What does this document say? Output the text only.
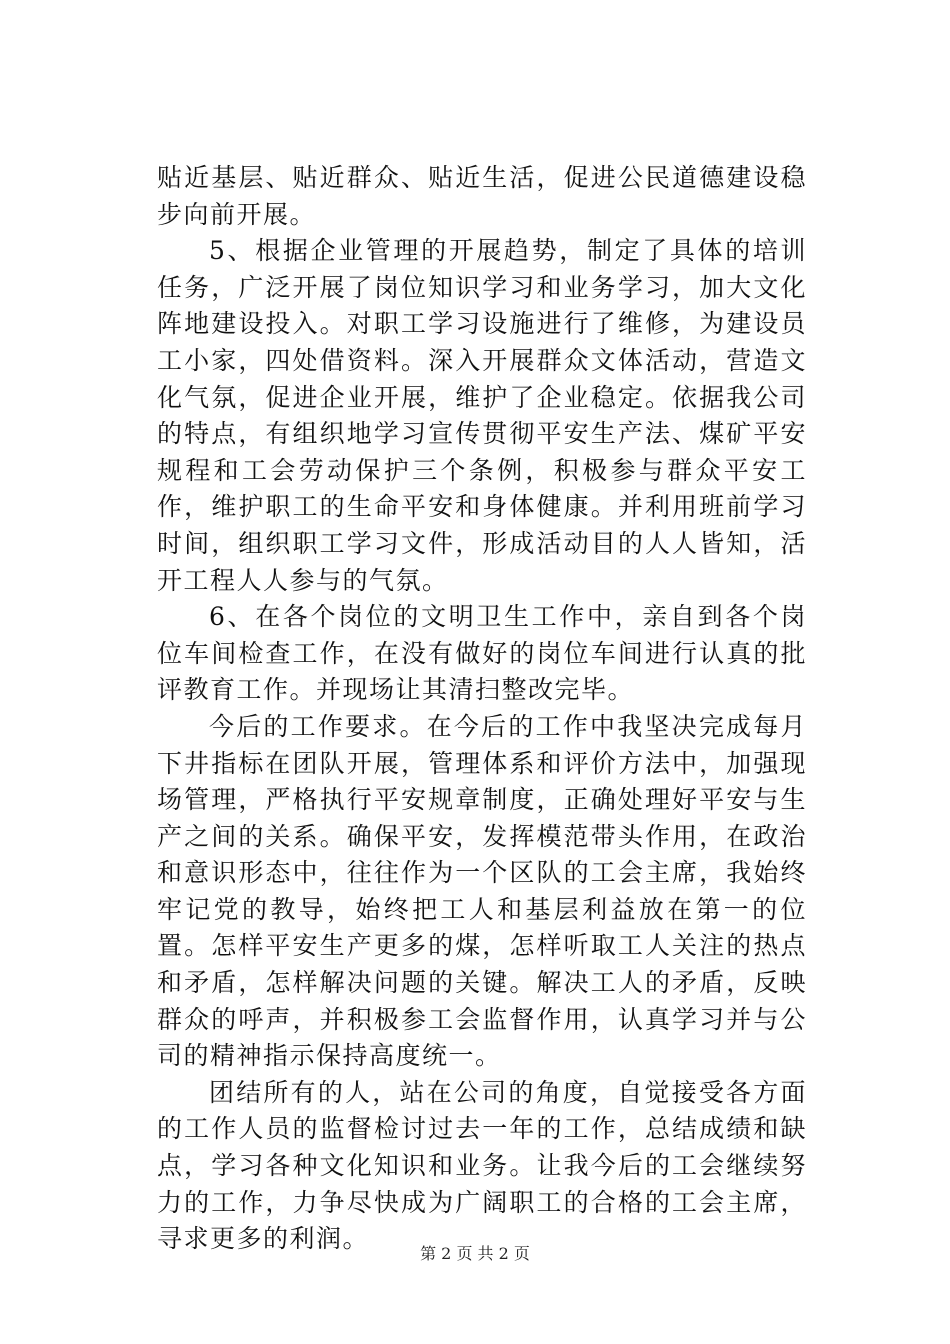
贴近基层、贴近群众、贴近生活，促进公民道德建设稳步向前开展。

5、根据企业管理的开展趋势，制定了具体的培训任务，广泛开展了岗位知识学习和业务学习，加大文化阵地建设投入。对职工学习设施进行了维修，为建设员工小家，四处借资料。深入开展群众文体活动，营造文化气氛，促进企业开展，维护了企业稳定。依据我公司的特点，有组织地学习宣传贯彻平安生产法、煤矿平安规程和工会劳动保护三个条例，积极参与群众平安工作，维护职工的生命平安和身体健康。并利用班前学习时间，组织职工学习文件，形成活动目的人人皆知，活开工程人人参与的气氛。

6、在各个岗位的文明卫生工作中，亲自到各个岗位车间检查工作，在没有做好的岗位车间进行认真的批评教育工作。并现场让其清扫整改完毕。

今后的工作要求。在今后的工作中我坚决完成每月下井指标在团队开展，管理体系和评价方法中，加强现场管理，严格执行平安规章制度，正确处理好平安与生产之间的关系。确保平安，发挥模范带头作用，在政治和意识形态中，往往作为一个区队的工会主席，我始终牢记党的教导，始终把工人和基层利益放在第一的位置。怎样平安生产更多的煤，怎样听取工人关注的热点和矛盾，怎样解决问题的关键。解决工人的矛盾，反映群众的呼声，并积极参工会监督作用，认真学习并与公司的精神指示保持高度统一。

团结所有的人，站在公司的角度，自觉接受各方面的工作人员的监督检讨过去一年的工作，总结成绩和缺点，学习各种文化知识和业务。让我今后的工会继续努力的工作，力争尽快成为广阔职工的合格的工会主席，寻求更多的利润。

第 2 页 共 2 页
